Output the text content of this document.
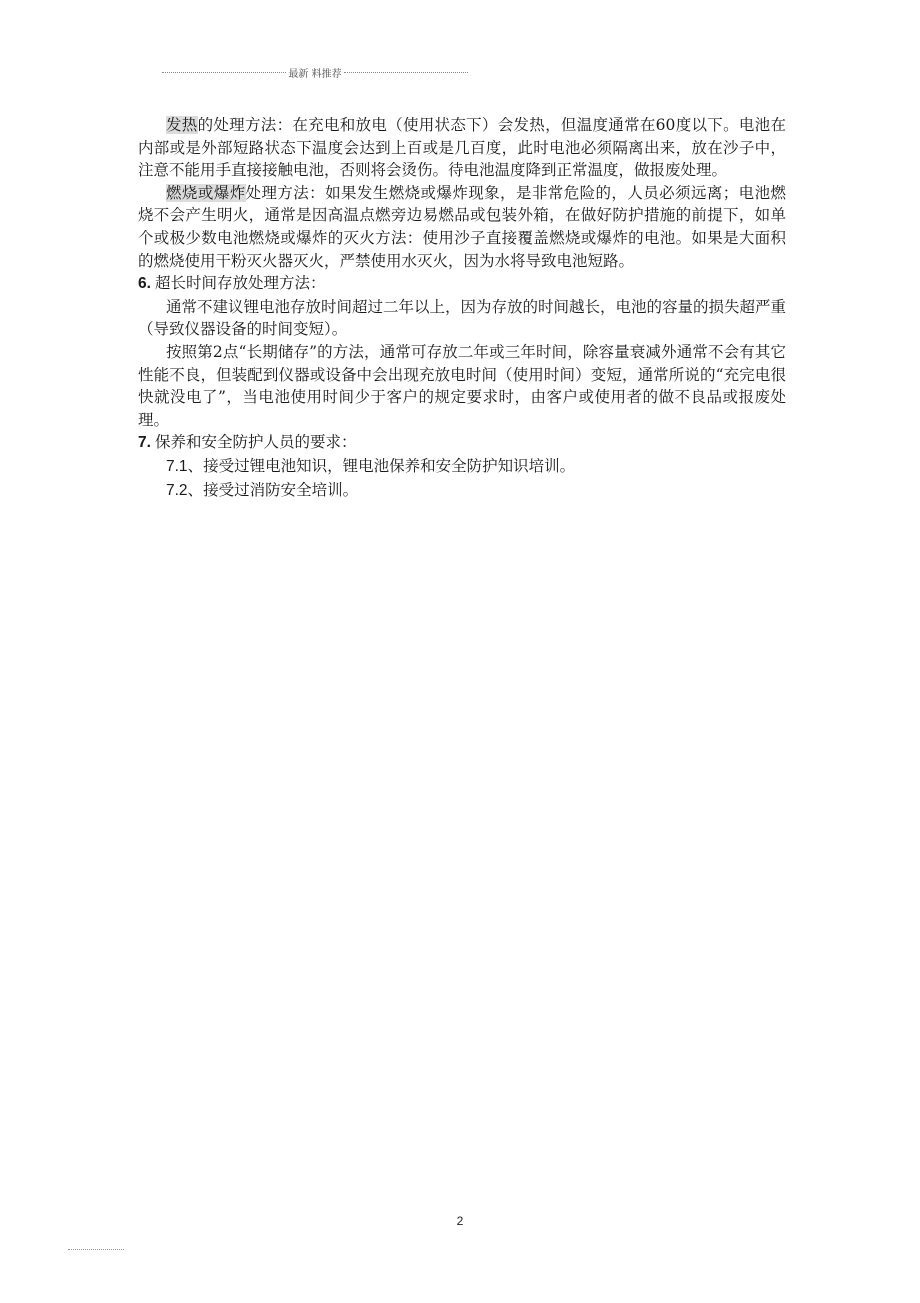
最新 料推荐

发热的处理方法：在充电和放电（使用状态下）会发热，但温度通常在60度以下。电池在内部或是外部短路状态下温度会达到上百或是几百度，此时电池必须隔离出来，放在沙子中，注意不能用手直接接触电池，否则将会烫伤。待电池温度降到正常温度，做报废处理。

燃烧或爆炸处理方法：如果发生燃烧或爆炸现象，是非常危险的，人员必须远离；电池燃烧不会产生明火，通常是因高温点燃旁边易燃品或包装外箱，在做好防护措施的前提下，如单个或极少数电池燃烧或爆炸的灭火方法：使用沙子直接覆盖燃烧或爆炸的电池。如果是大面积的燃烧使用干粉灭火器灭火，严禁使用水灭火，因为水将导致电池短路。

6. 超长时间存放处理方法：

通常不建议锂电池存放时间超过二年以上，因为存放的时间越长，电池的容量的损失超严重（导致仪器设备的时间变短）。

按照第2点“长期储存”的方法，通常可存放二年或三年时间，除容量衰减外通常不会有其它性能不良，但装配到仪器或设备中会出现充放电时间（使用时间）变短，通常所说的“充完电很快就没电了”，当电池使用时间少于客户的规定要求时，由客户或使用者的做不良品或报废处理。

7. 保养和安全防护人员的要求：

7.1、接受过锂电池知识，锂电池保养和安全防护知识培训。

7.2、接受过消防安全培训。

2
